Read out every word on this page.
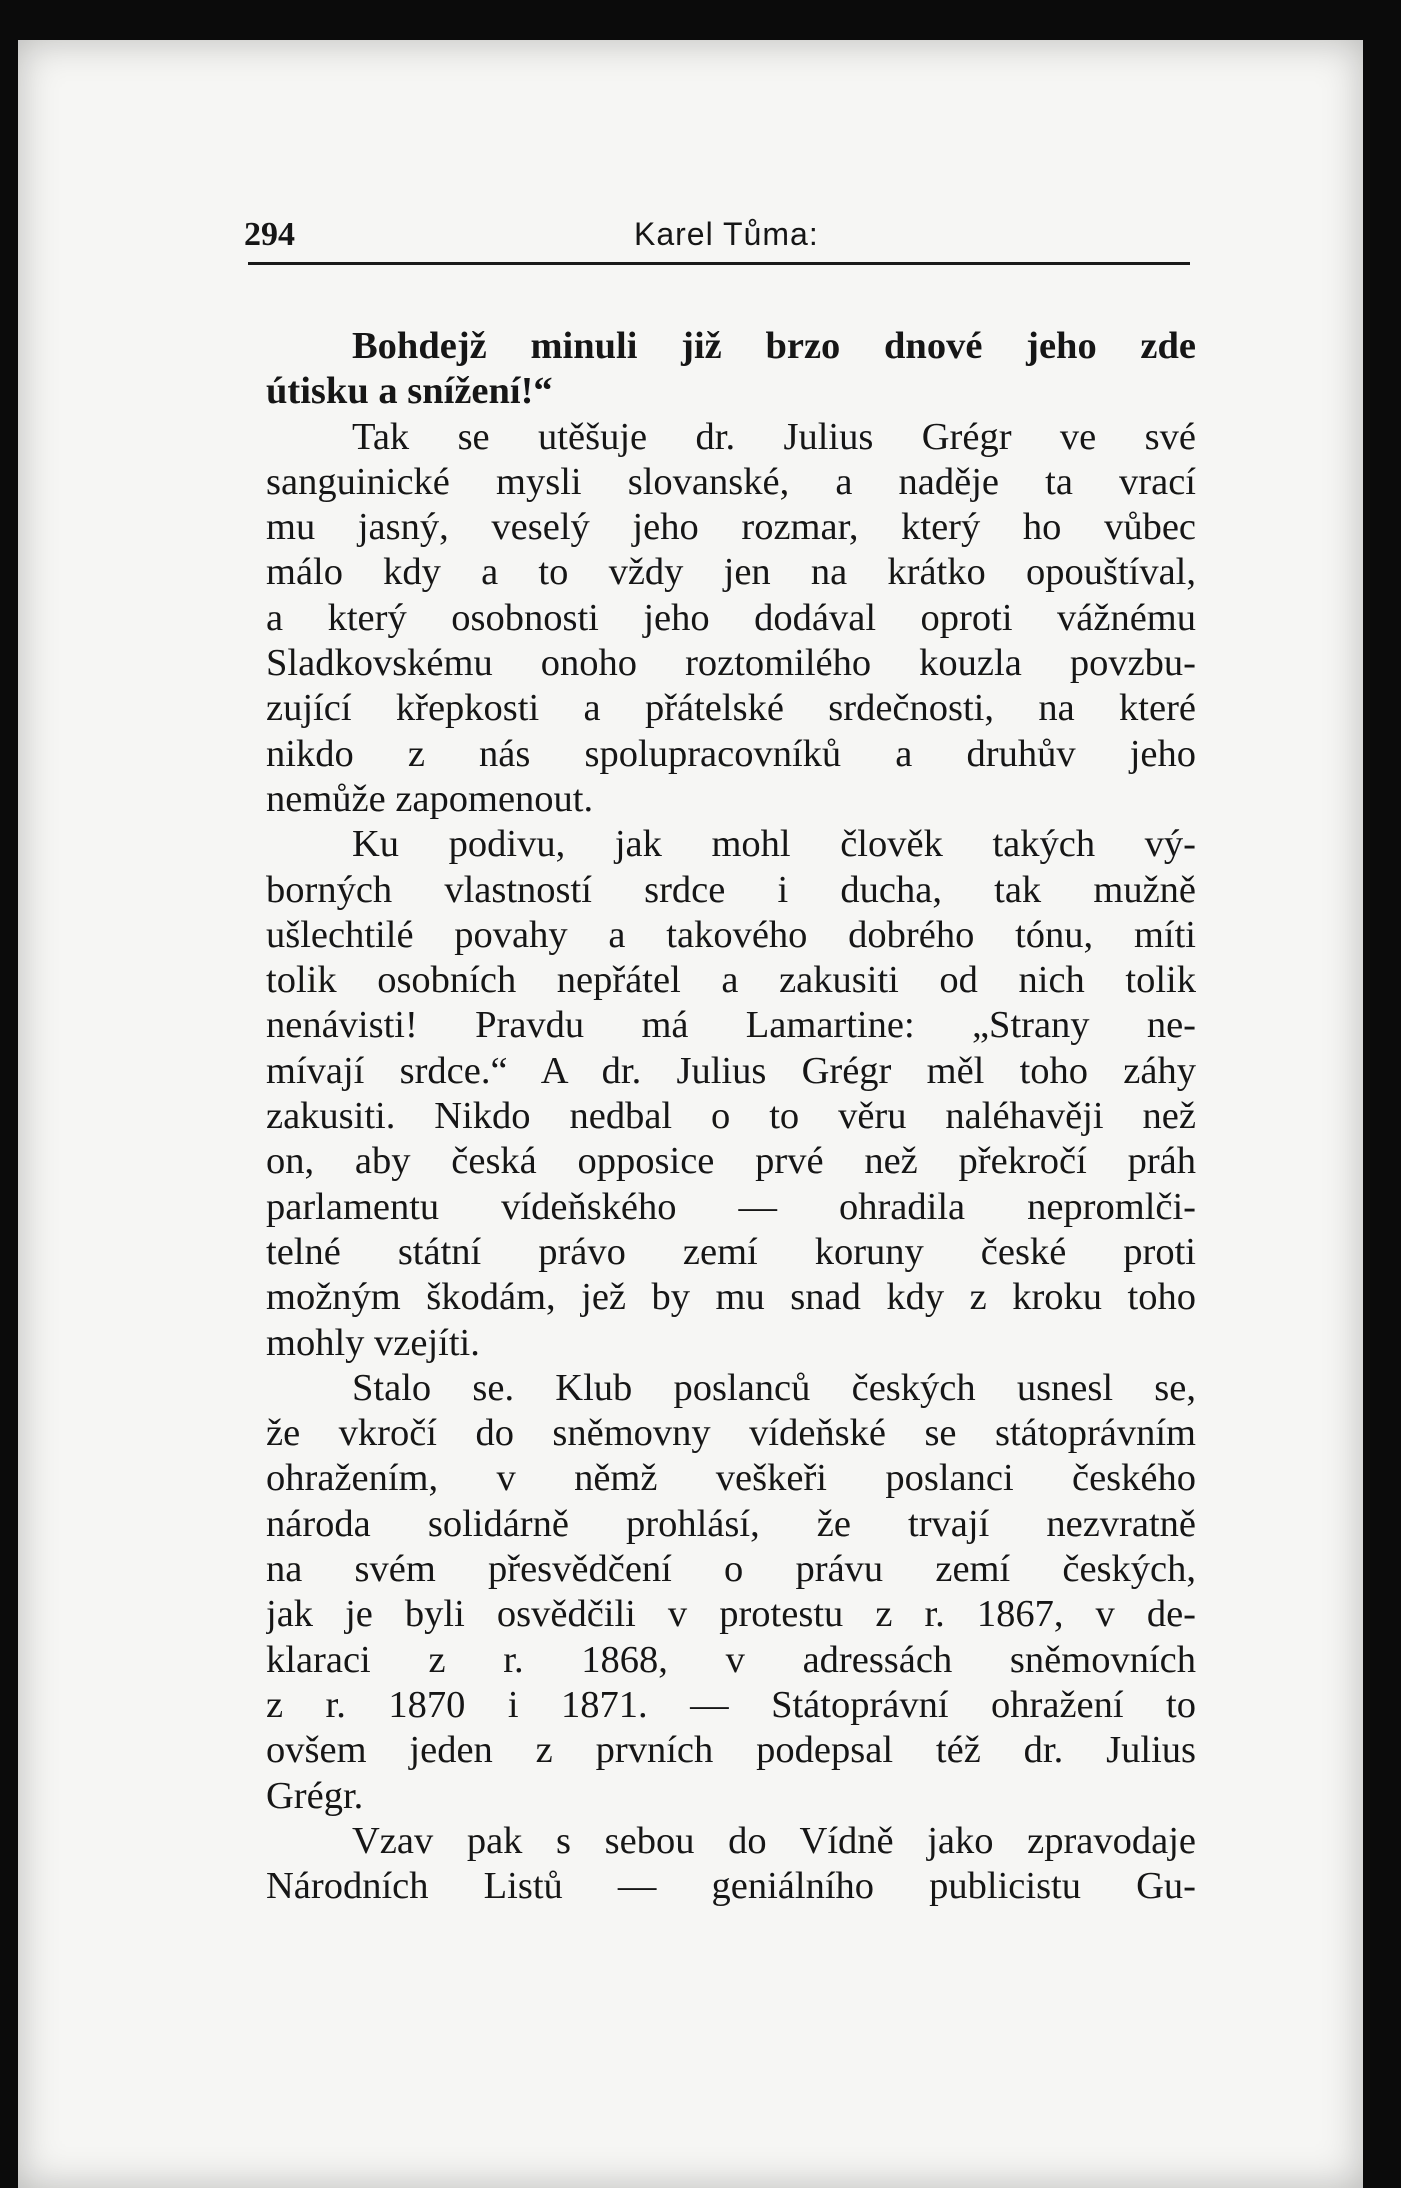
294	Karel Tůma:
Bohdejž minuli již brzo dnové jeho zde
útisku a snížení!“
Tak se utěšuje dr. Julius Grégr ve své
sanguinické mysli slovanské, a naděje ta vrací
mu jasný, veselý jeho rozmar, který ho vůbec
málo kdy a to vždy jen na krátko opouštíval,
a který osobnosti jeho dodával oproti vážnému
Sladkovskému onoho roztomilého kouzla povzbu-
zující křepkosti a přátelské srdečnosti, na které
nikdo z nás spolupracovníků a druhův jeho
nemůže zapomenout.
Ku podivu, jak mohl člověk takých vý-
borných vlastností srdce i ducha, tak mužně
ušlechtilé povahy a takového dobrého tónu, míti
tolik osobních nepřátel a zakusiti od nich tolik
nenávisti! Pravdu má Lamartine: „Strany ne-
mívají srdce.“ A dr. Julius Grégr měl toho záhy
zakusiti. Nikdo nedbal o to věru naléhavěji než
on, aby česká opposice prvé než překročí práh
parlamentu vídeňského — ohradila nepromlči-
telné státní právo zemí koruny české proti
možným škodám, jež by mu snad kdy z kroku toho
mohly vzejíti.
Stalo se. Klub poslanců českých usnesl se,
že vkročí do sněmovny vídeňské se státoprávním
ohražením, v němž veškeři poslanci českého
národa solidárně prohlásí, že trvají nezvratně
na svém přesvědčení o právu zemí českých,
jak je byli osvědčili v protestu z r. 1867, v de-
klaraci z r. 1868, v adressách sněmovních
z r. 1870 i 1871. — Státoprávní ohražení to
ovšem jeden z prvních podepsal též dr. Julius
Grégr.
Vzav pak s sebou do Vídně jako zpravodaje
Národních Listů — geniálního publicistu Gu-
